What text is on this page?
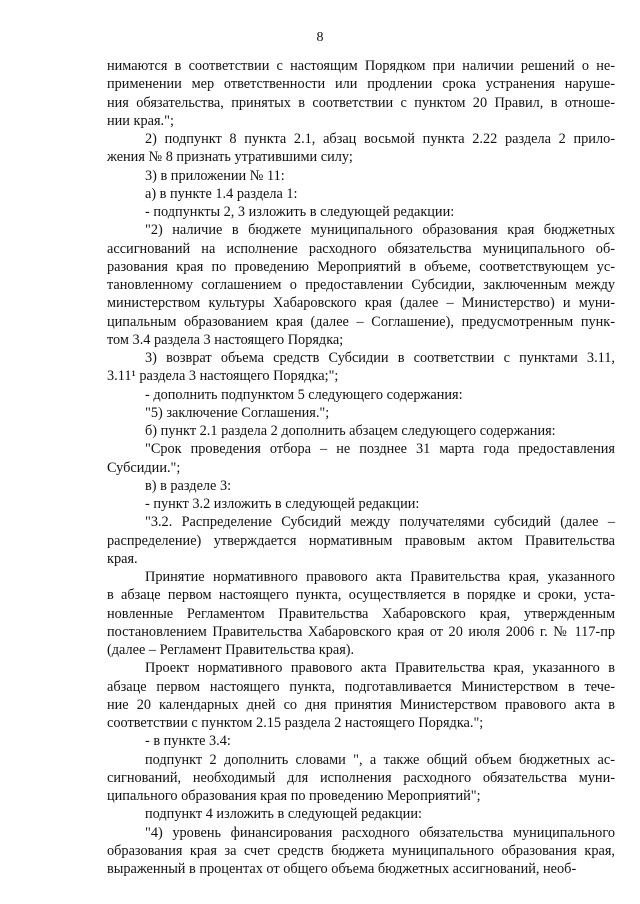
8
нимаются в соответствии с настоящим Порядком при наличии решений о не-
применении мер ответственности или продлении срока устранения наруше-
ния обязательства, принятых в соответствии с пунктом 20 Правил, в отноше-
нии края.";
2) подпункт 8 пункта 2.1, абзац восьмой пункта 2.22 раздела 2 прило-
жения № 8 признать утратившими силу;
3) в приложении № 11:
а) в пункте 1.4 раздела 1:
- подпункты 2, 3 изложить в следующей редакции:
"2) наличие в бюджете муниципального образования края бюджетных
ассигнований на исполнение расходного обязательства муниципального об-
разования края по проведению Мероприятий в объеме, соответствующем ус-
тановленному соглашением о предоставлении Субсидии, заключенным между
министерством культуры Хабаровского края (далее – Министерство) и муни-
ципальным образованием края (далее – Соглашение), предусмотренным пунк-
том 3.4 раздела 3 настоящего Порядка;
3) возврат объема средств Субсидии в соответствии с пунктами 3.11,
3.11¹ раздела 3 настоящего Порядка;";
- дополнить подпунктом 5 следующего содержания:
"5) заключение Соглашения.";
б) пункт 2.1 раздела 2 дополнить абзацем следующего содержания:
"Срок проведения отбора – не позднее 31 марта года предоставления
Субсидии.";
в) в разделе 3:
- пункт 3.2 изложить в следующей редакции:
"3.2. Распределение Субсидий между получателями субсидий (далее –
распределение) утверждается нормативным правовым актом Правительства
края.
Принятие нормативного правового акта Правительства края, указанного
в абзаце первом настоящего пункта, осуществляется в порядке и сроки, уста-
новленные Регламентом Правительства Хабаровского края, утвержденным
постановлением Правительства Хабаровского края от 20 июля 2006 г. № 117-пр
(далее – Регламент Правительства края).
Проект нормативного правового акта Правительства края, указанного в
абзаце первом настоящего пункта, подготавливается Министерством в тече-
ние 20 календарных дней со дня принятия Министерством правового акта в
соответствии с пунктом 2.15 раздела 2 настоящего Порядка.";
- в пункте 3.4:
подпункт 2 дополнить словами ", а также общий объем бюджетных ас-
сигнований, необходимый для исполнения расходного обязательства муни-
ципального образования края по проведению Мероприятий";
подпункт 4 изложить в следующей редакции:
"4) уровень финансирования расходного обязательства муниципального
образования края за счет средств бюджета муниципального образования края,
выраженный в процентах от общего объема бюджетных ассигнований, необ-
